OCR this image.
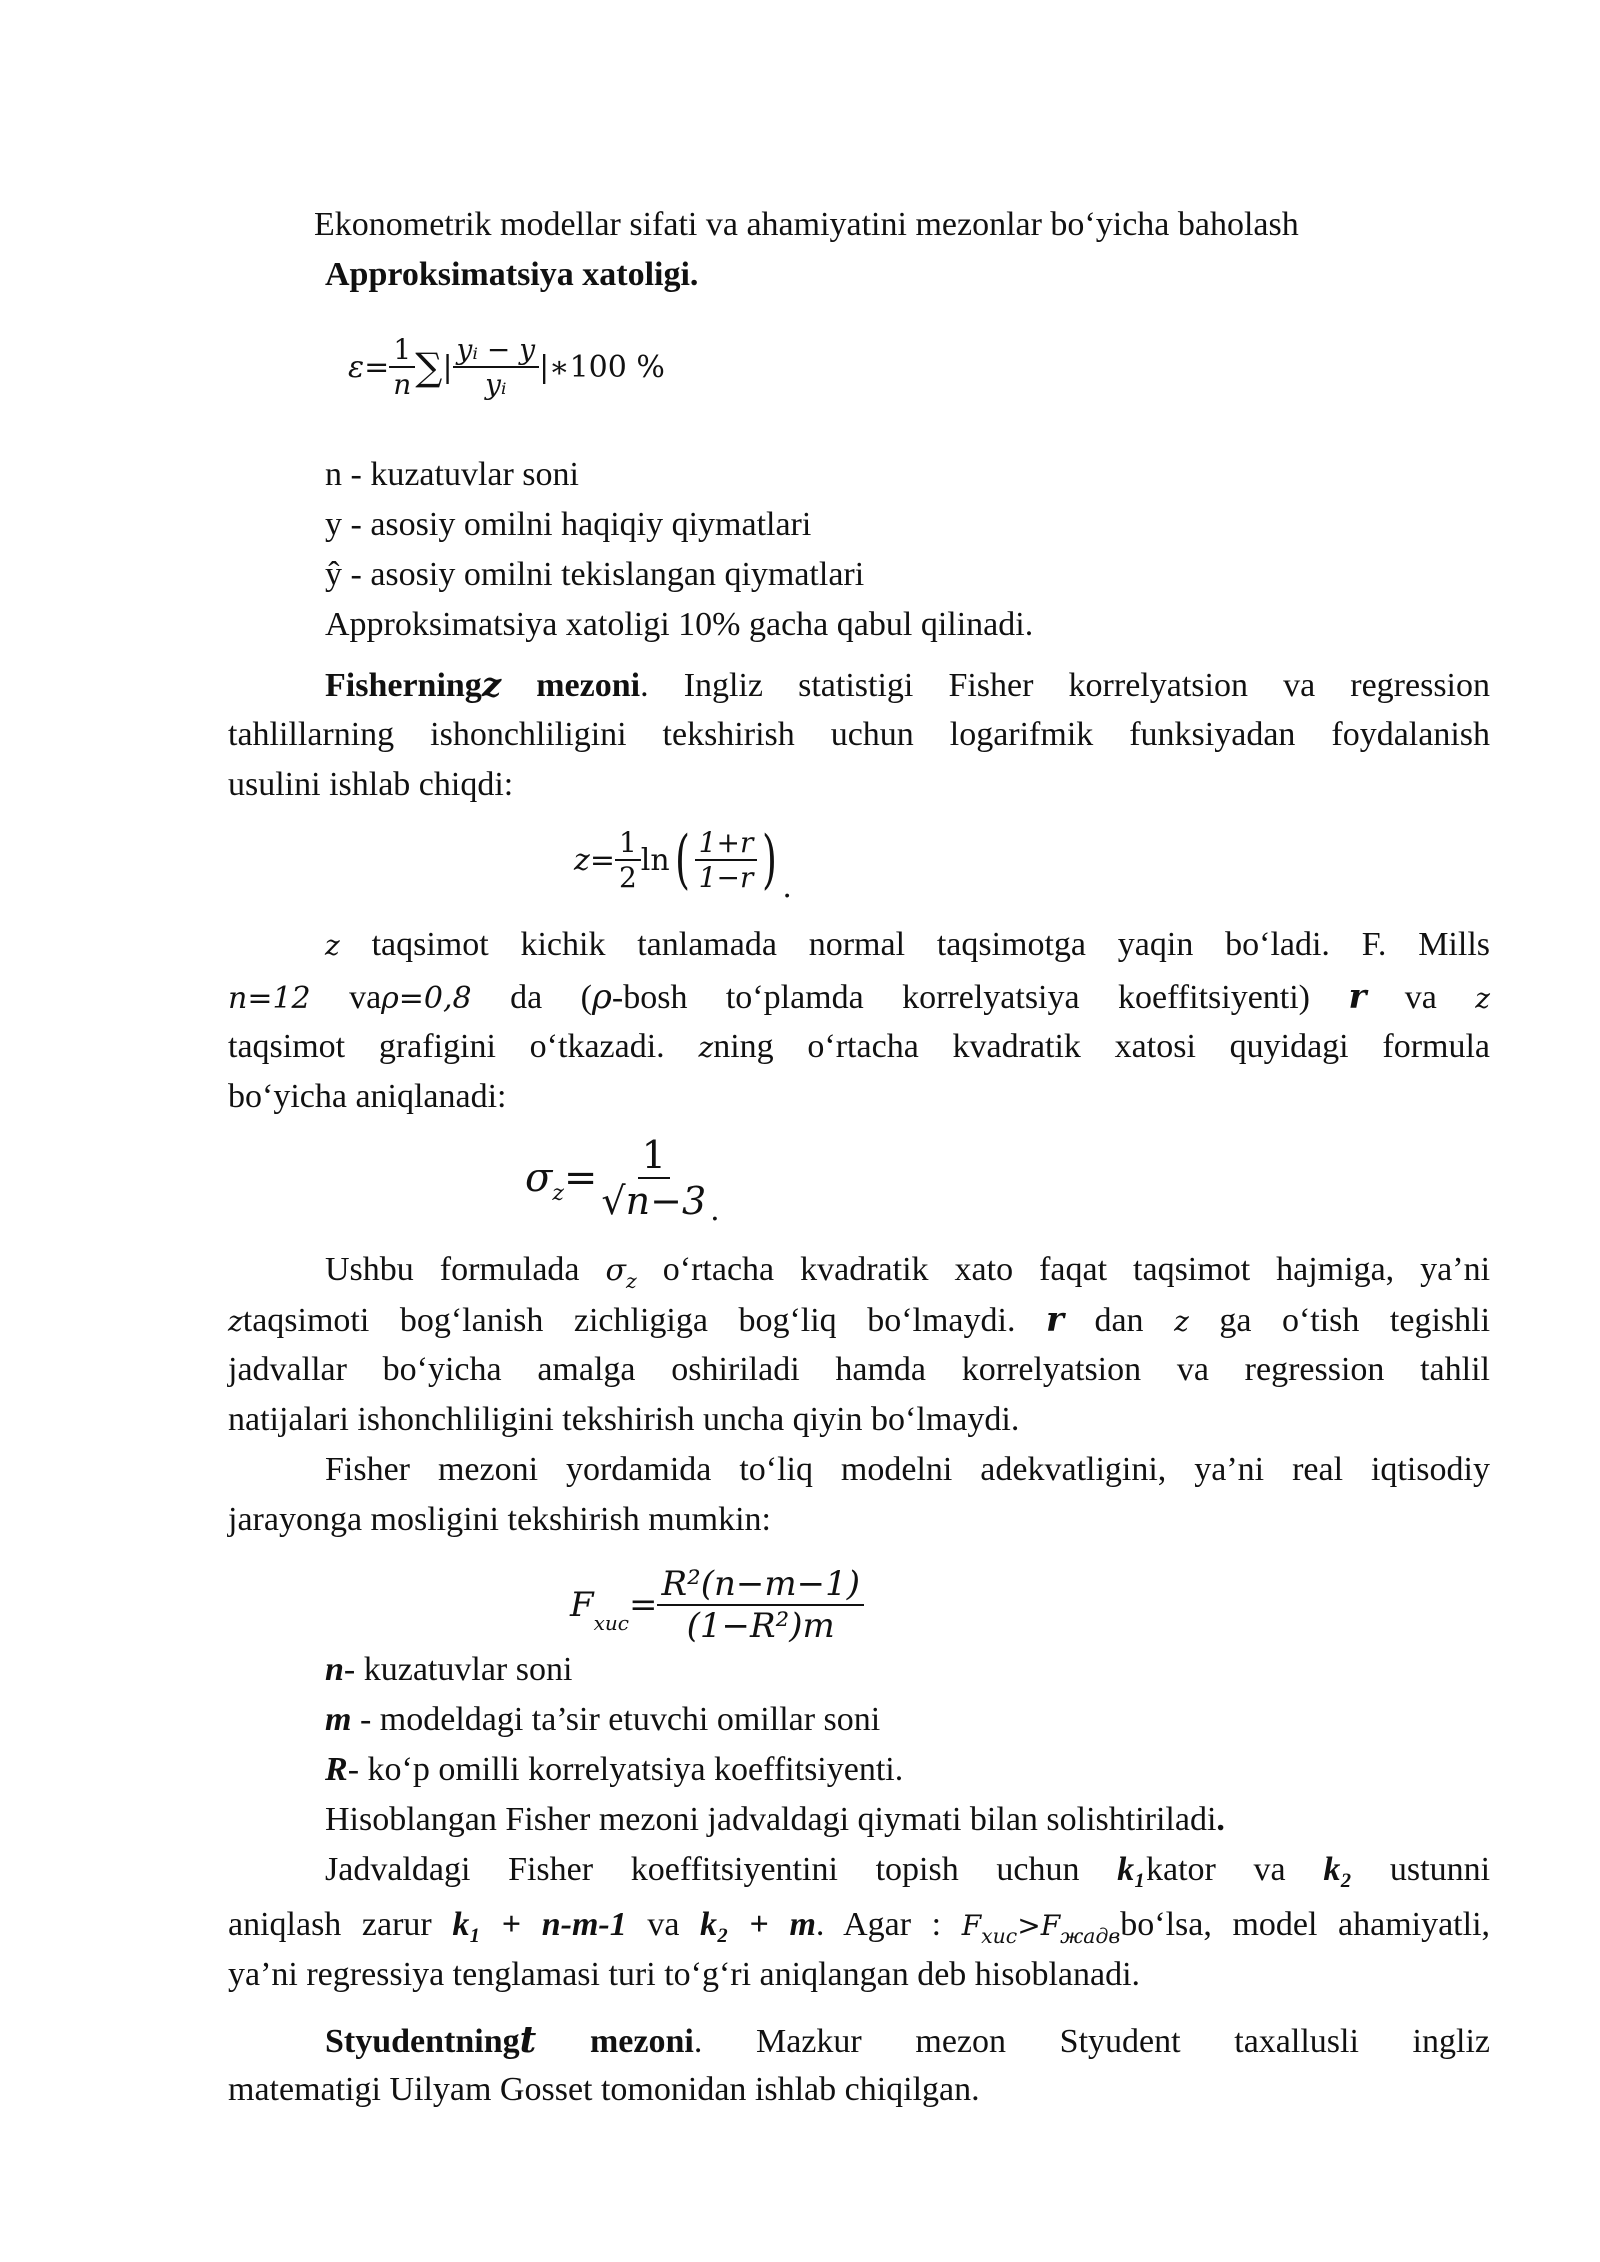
Ekonometrik modellar sifati va ahamiyatini mezonlar bo‘yicha baholash
Approksimatsiya xatoligi.
$\varepsilon = \frac{1}{n}$ ∑ | $\frac{\text{yᵢ − y}}{\text{yᵢ}}$ |∗100 %
n - kuzatuvlar soni
y - asosiy omilni haqiqiy qiymatlari
ŷ - asosiy omilni tekislangan qiymatlari
Approksimatsiya xatoligi 10% gacha qabul qilinadi.
Fisherningz mezoni. Ingliz statistigi Fisher korrelyatsion va regression
tahlillarning ishonchliligini tekshirish uchun logarifmik funksiyadan foydalanish
usulini ishlab chiqdi:
$z = \frac{1}{2}$ ln ( $\frac{1+r}{1-r}$ ) .
z taqsimot kichik tanlamada normal taqsimotga yaqin bo‘ladi. F. Mills
n=12 vaρ=0,8 da (ρ-bosh to‘plamda korrelyatsiya koeffitsiyenti) r va z
taqsimot grafigini o‘tkazadi. zning o‘rtacha kvadratik xatosi quyidagi formula
bo‘yicha aniqlanadi:
$\sigma_z = \frac{1}{√n-3}$ .
Ushbu formulada $\sigma_z$ o‘rtacha kvadratik xato faqat taqsimot hajmiga, ya’ni
ztaqsimoti bog‘lanish zichligiga bog‘liq bo‘lmaydi. r dan z ga o‘tish tegishli
jadvallar bo‘yicha amalga oshiriladi hamda korrelyatsion va regression tahlil
natijalari ishonchliligini tekshirish uncha qiyin bo‘lmaydi.
Fisher mezoni yordamida to‘liq modelni adekvatligini, ya’ni real iqtisodiy
jarayonga mosligini tekshirish mumkin:
$F_{хис} = \frac{\text{R²(n−m−1)}}{\text{(1−R²)m}}$
n- kuzatuvlar soni
m - modeldagi ta’sir etuvchi omillar soni
R- ko‘p omilli korrelyatsiya koeffitsiyenti.
Hisoblangan Fisher mezoni jadvaldagi qiymati bilan solishtiriladi.
Jadvaldagi Fisher koeffitsiyentini topish uchun k₁kator va k₂ ustunni
aniqlash zarur k₁ + n-m-1 va k₂ + m. Agar : $F_{хис}>F_{жадв}bo‘lsa$, model ahamiyatli,
ya’ni regressiya tenglamasi turi to‘g‘ri aniqlangan deb hisoblanadi.
Styudentningt mezoni. Mazkur mezon Styudent taxallusli ingliz
matematigi Uilyam Gosset tomonidan ishlab chiqilgan.
